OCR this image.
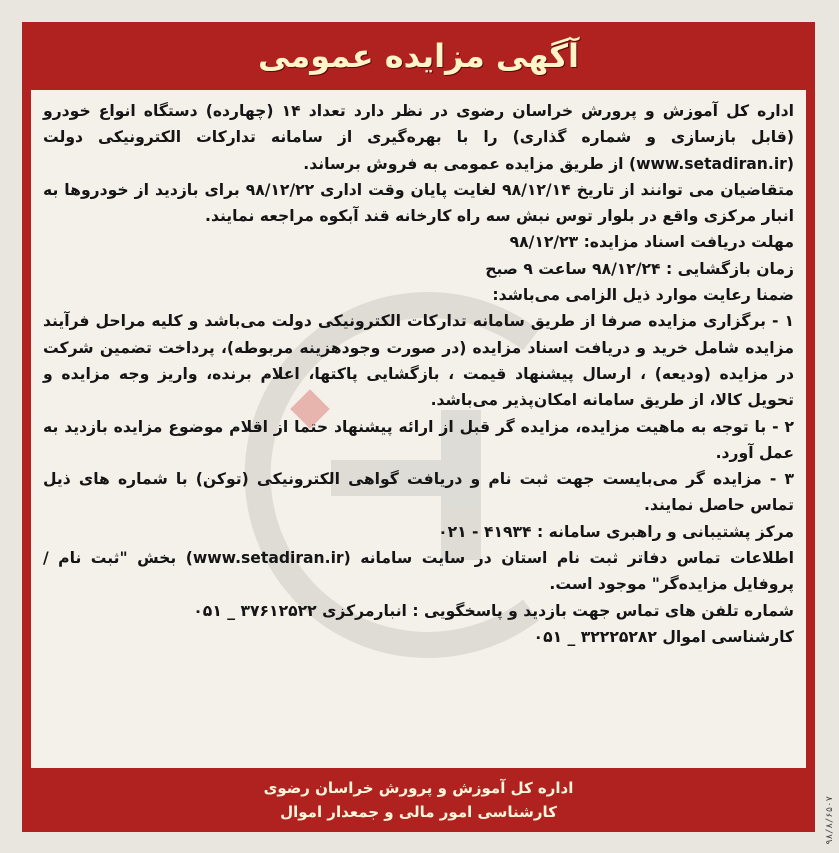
آگهی مزایده عمومی

اداره کل آموزش و پرورش خراسان رضوی در نظر دارد تعداد ۱۴ (چهارده) دستگاه انواع خودرو (قابل بازسازی و شماره گذاری) را با بهره‌گیری از سامانه تدارکات الکترونیکی دولت (www.setadiran.ir) از طریق مزایده عمومی به فروش برساند.

متقاضیان می توانند از تاریخ ۹۸/۱۲/۱۴ لغایت پایان وقت اداری ۹۸/۱۲/۲۲ برای بازدید از خودروها به انبار مرکزی واقع در بلوار توس نبش سه راه کارخانه قند آبکوه مراجعه نمایند.

مهلت دریافت اسناد مزایده: ۹۸/۱۲/۲۳

زمان بازگشایی : ۹۸/۱۲/۲۴ ساعت ۹ صبح

ضمنا رعایت موارد ذیل الزامی می‌باشد:

۱ - برگزاری مزایده صرفا از طریق سامانه تدارکات الکترونیکی دولت می‌باشد و کلیه مراحل فرآیند مزایده شامل خرید و دریافت اسناد مزایده (در صورت وجودهزینه مربوطه)، پرداخت تضمین شرکت در مزایده (ودیعه) ، ارسال پیشنهاد قیمت ، بازگشایی پاکتها، اعلام برنده، واریز وجه مزایده و تحویل کالا، از طریق سامانه امکان‌پذیر می‌باشد.

۲ - با توجه به ماهیت مزایده، مزایده گر قبل از ارائه پیشنهاد حتما از اقلام موضوع مزایده بازدید به عمل آورد.

۳ - مزایده گر می‌بایست جهت ثبت نام و دریافت گواهی الکترونیکی (توکن) با شماره های ذیل تماس حاصل نمایند.

مرکز پشتیبانی و راهبری سامانه : ۴۱۹۳۴ - ۰۲۱

اطلاعات تماس دفاتر ثبت نام استان در سایت سامانه (www.setadiran.ir) بخش "ثبت نام / پروفایل مزایده‌گر" موجود است.

شماره تلفن های تماس جهت بازدید و پاسخگویی : انبارمرکزی ۳۷۶۱۲۵۲۲ _ ۰۵۱

کارشناسی اموال ۳۲۲۲۵۲۸۲ _ ۰۵۱

اداره کل آموزش و پرورش خراسان رضوی
کارشناسی امور مالی و جمعدار اموال	۹۸/۸/۶۵۰۷
